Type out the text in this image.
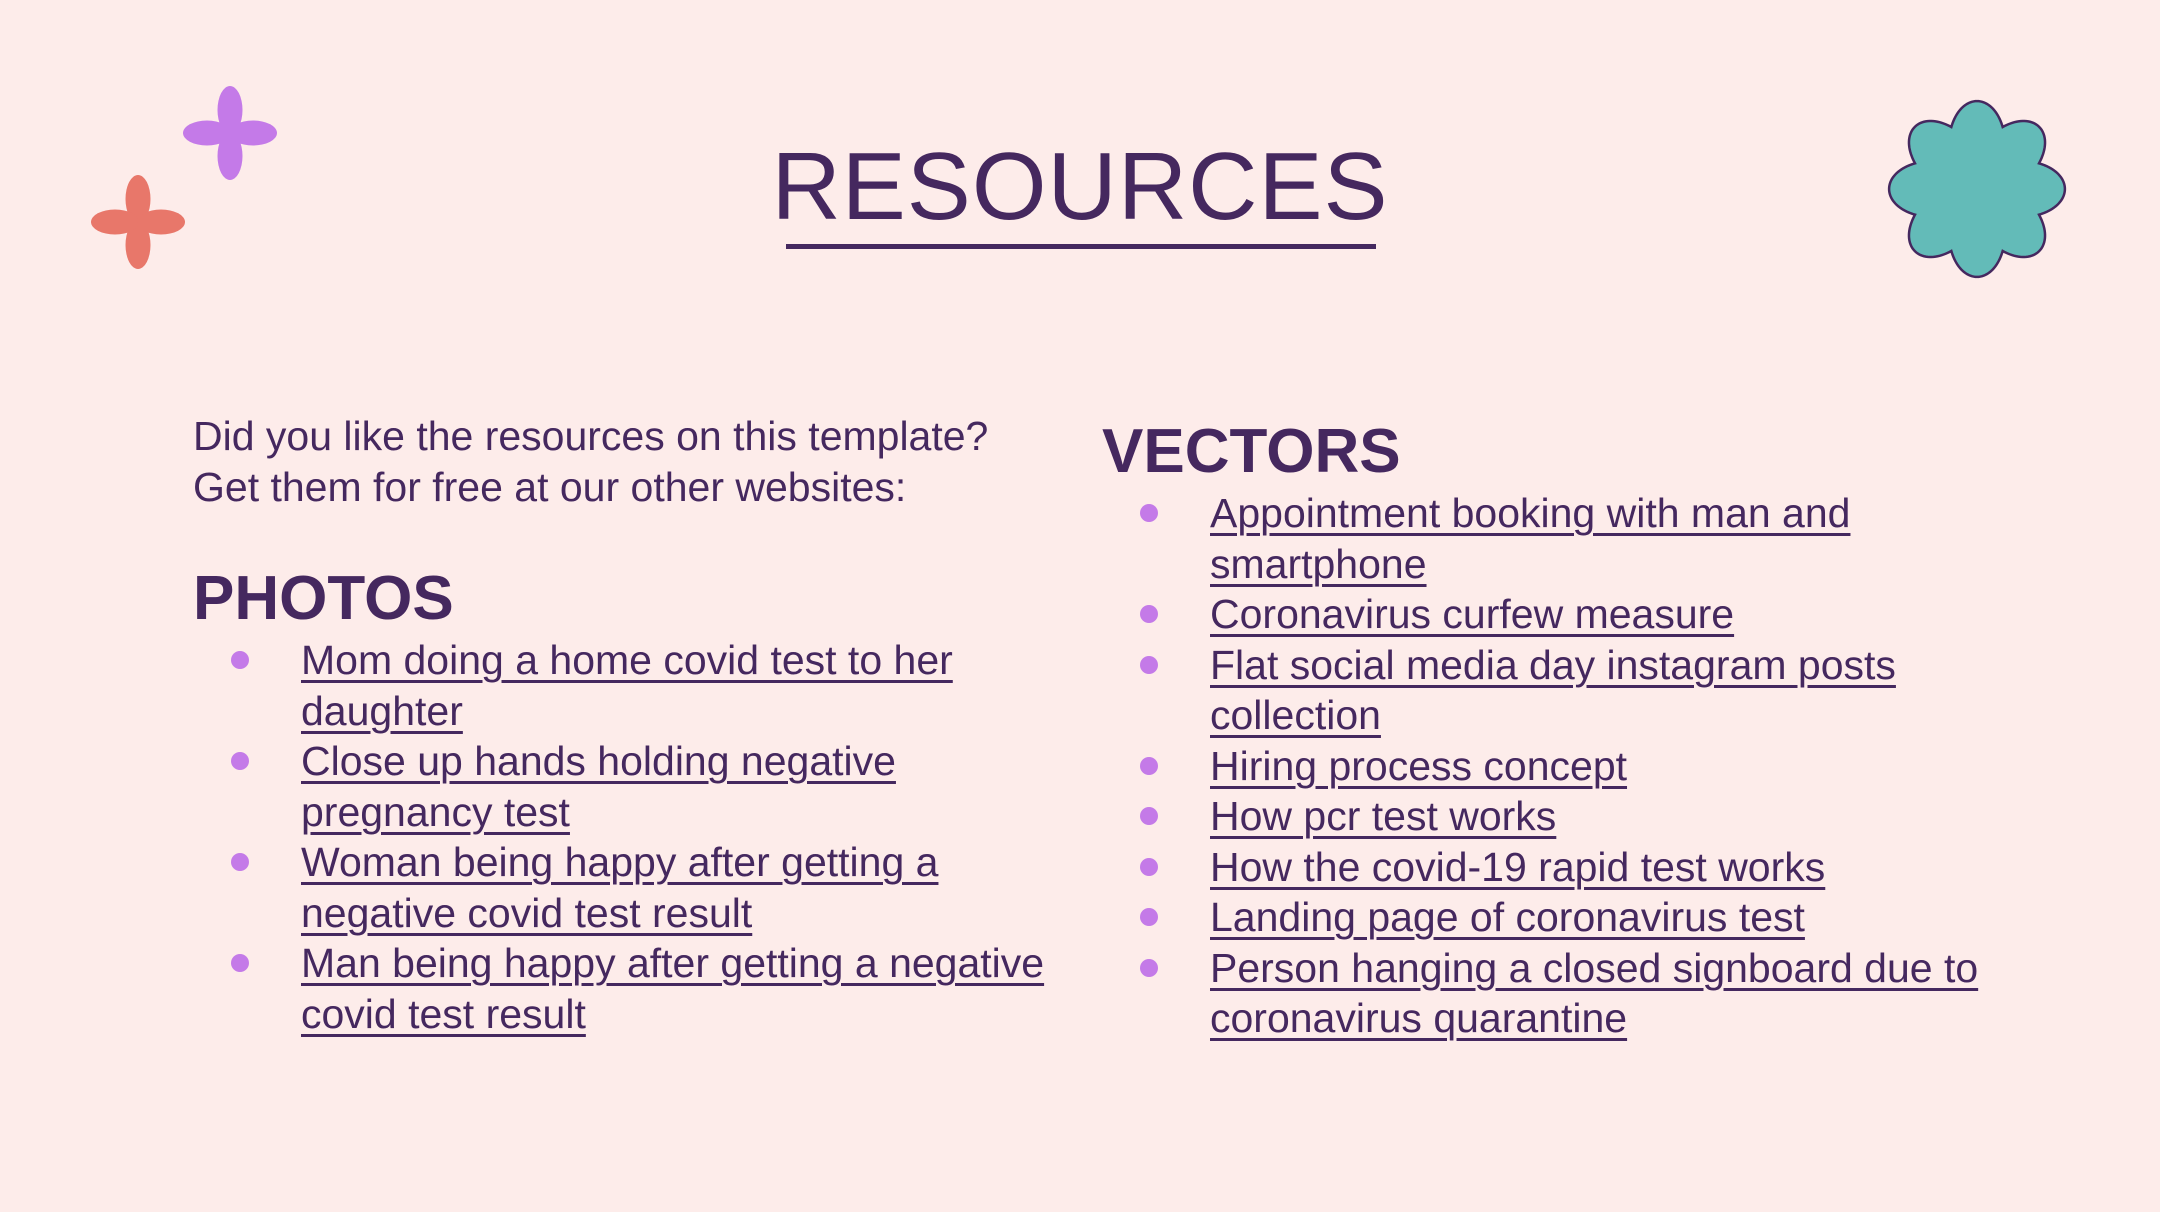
RESOURCES

Did you like the resources on this template?
Get them for free at our other websites:

PHOTOS
Mom doing a home covid test to her daughter
Close up hands holding negative pregnancy test
Woman being happy after getting a negative covid test result
Man being happy after getting a negative covid test result
VECTORS
Appointment booking with man and smartphone
Coronavirus curfew measure
Flat social media day instagram posts collection
Hiring process concept
How pcr test works
How the covid-19 rapid test works
Landing page of coronavirus test
Person hanging a closed signboard due to coronavirus quarantine
